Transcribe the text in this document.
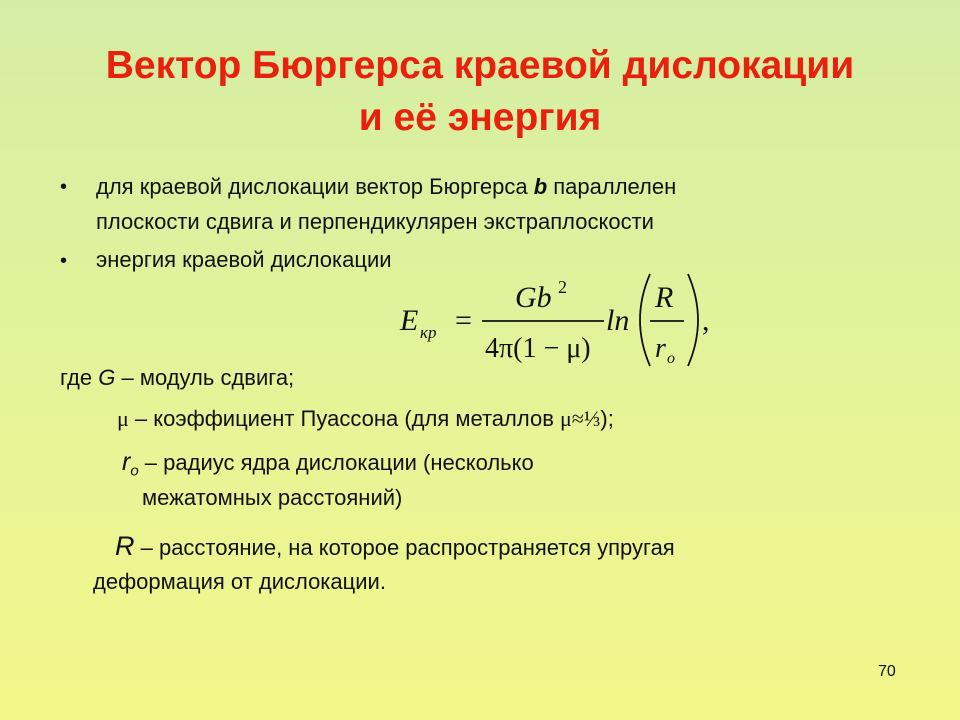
Вектор Бюргерса краевой дислокации
и её энергия
• для краевой дислокации вектор Бюргерса b параллелен
плоскости сдвига и перпендикулярен экстраплоскости
• энергия краевой дислокации
E кр =
Gb 2
4π(1 − μ)
ln
R
r o
,
где G – модуль сдвига;
μ – коэффициент Пуассона (для металлов μ≈⅓);
$r_o$ – радиус ядра дислокации (несколько
межатомных расстояний)
R – расстояние, на которое распространяется упругая
деформация от дислокации.
70
